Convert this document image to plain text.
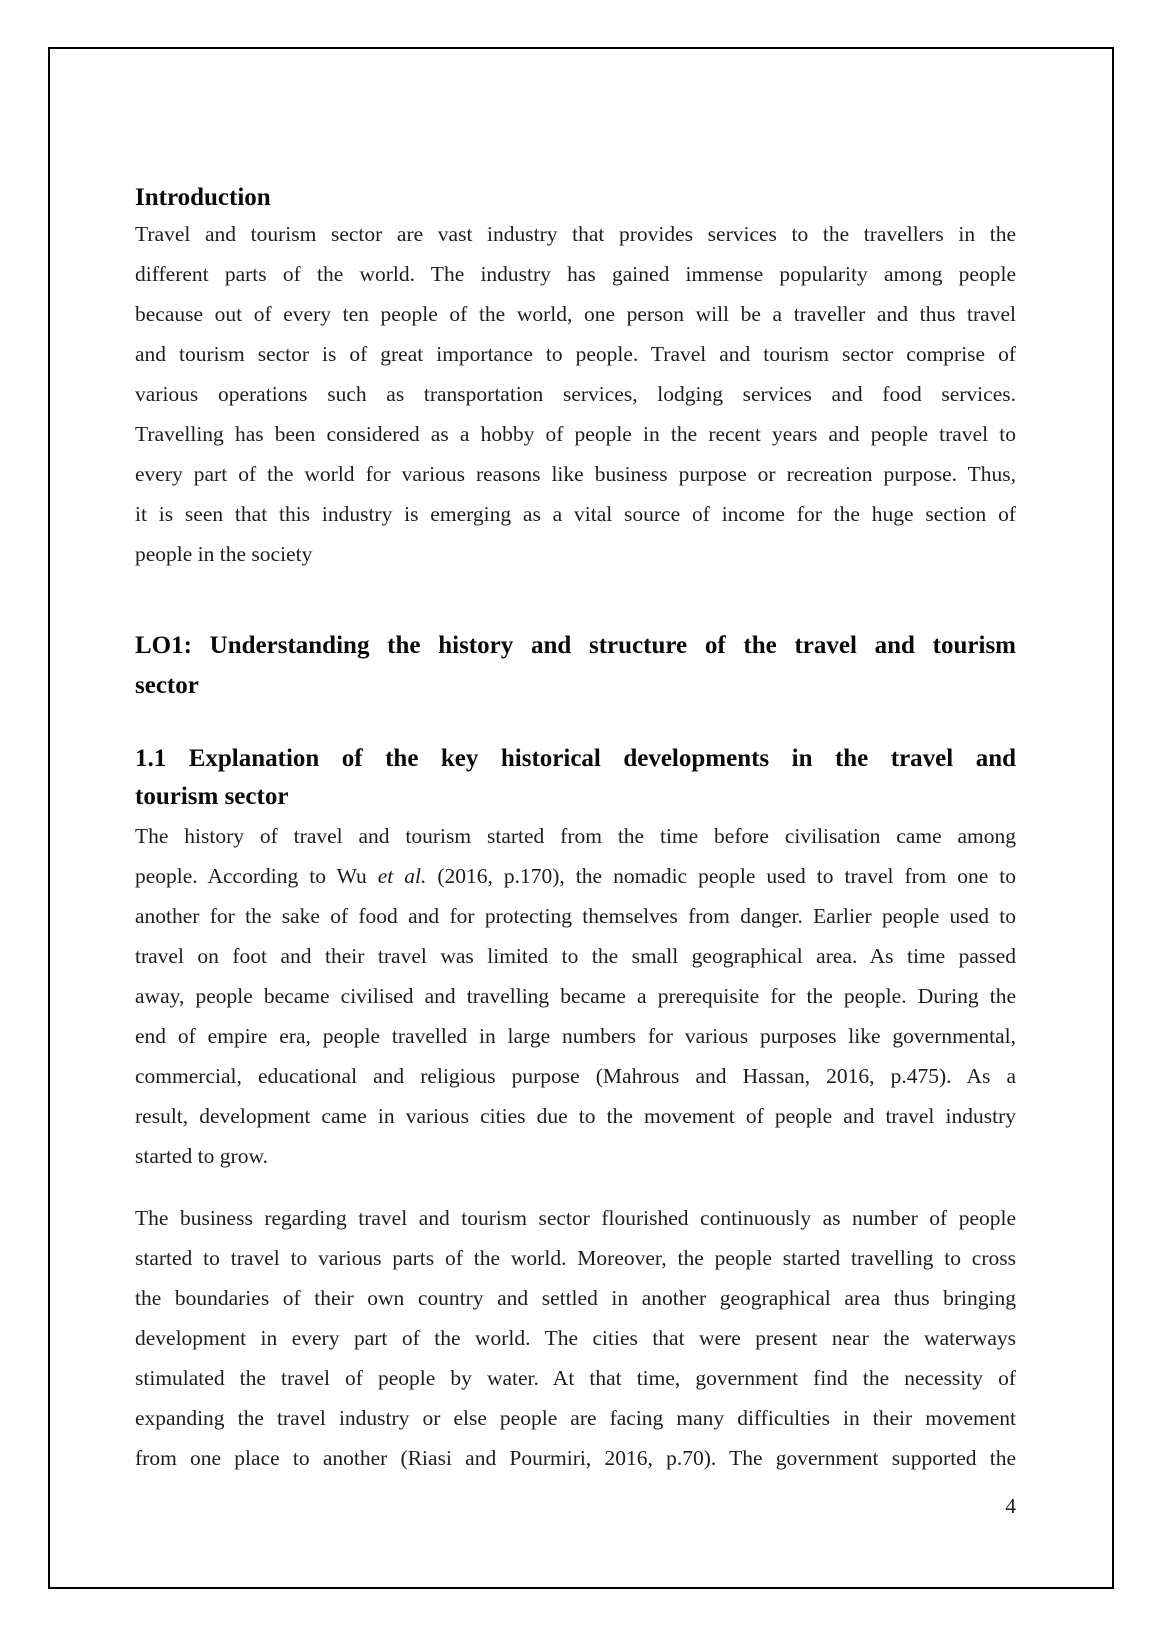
Introduction
Travel and tourism sector are vast industry that provides services to the travellers in the
different parts of the world. The industry has gained immense popularity among people
because out of every ten people of the world, one person will be a traveller and thus travel
and tourism sector is of great importance to people. Travel and tourism sector comprise of
various operations such as transportation services, lodging services and food services.
Travelling has been considered as a hobby of people in the recent years and people travel to
every part of the world for various reasons like business purpose or recreation purpose. Thus,
it is seen that this industry is emerging as a vital source of income for the huge section of
people in the society
LO1: Understanding the history and structure of the travel and tourism
sector
1.1 Explanation of the key historical developments in the travel and
tourism sector
The history of travel and tourism started from the time before civilisation came among
people. According to Wu et al. (2016, p.170), the nomadic people used to travel from one to
another for the sake of food and for protecting themselves from danger. Earlier people used to
travel on foot and their travel was limited to the small geographical area. As time passed
away, people became civilised and travelling became a prerequisite for the people. During the
end of empire era, people travelled in large numbers for various purposes like governmental,
commercial, educational and religious purpose (Mahrous and Hassan, 2016, p.475). As a
result, development came in various cities due to the movement of people and travel industry
started to grow.
The business regarding travel and tourism sector flourished continuously as number of people
started to travel to various parts of the world. Moreover, the people started travelling to cross
the boundaries of their own country and settled in another geographical area thus bringing
development in every part of the world. The cities that were present near the waterways
stimulated the travel of people by water. At that time, government find the necessity of
expanding the travel industry or else people are facing many difficulties in their movement
from one place to another (Riasi and Pourmiri, 2016, p.70). The government supported the
4
